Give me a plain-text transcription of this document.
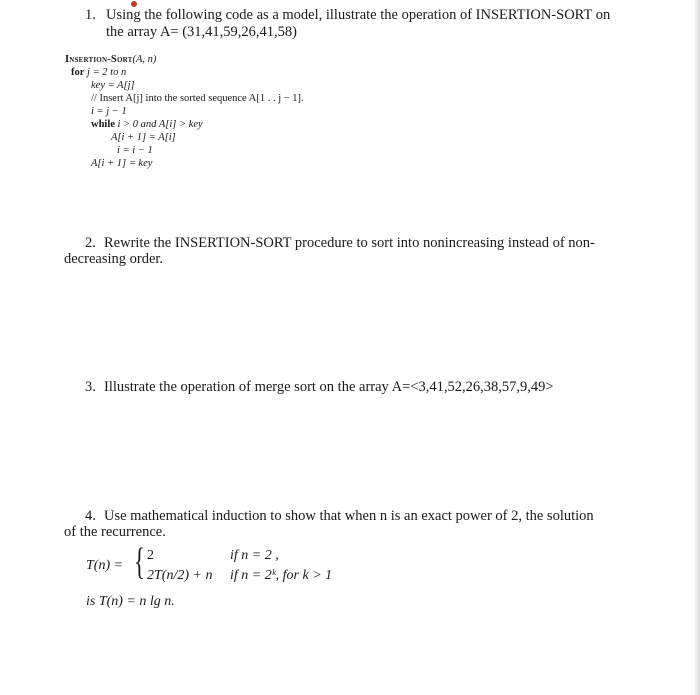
1. Using the following code as a model, illustrate the operation of INSERTION-SORT on
the array A= (31,41,59,26,41,58)
Insertion-Sort(A, n)
for j = 2 to n
key = A[j]
// Insert A[j] into the sorted sequence A[1 . . j − 1].
i = j − 1
while i > 0 and A[i] > key
A[i + 1] = A[i]
i = i − 1
A[i + 1] = key
2. Rewrite the INSERTION-SORT procedure to sort into nonincreasing instead of non-
decreasing order.
3. Illustrate the operation of merge sort on the array A=<3,41,52,26,38,57,9,49>
4. Use mathematical induction to show that when n is an exact power of 2, the solution
of the recurrence.
T(n) = { 2	if n = 2 ,
2T(n/2) + n if n = 2ᵏ, for k > 1
is T(n) = n lg n.
